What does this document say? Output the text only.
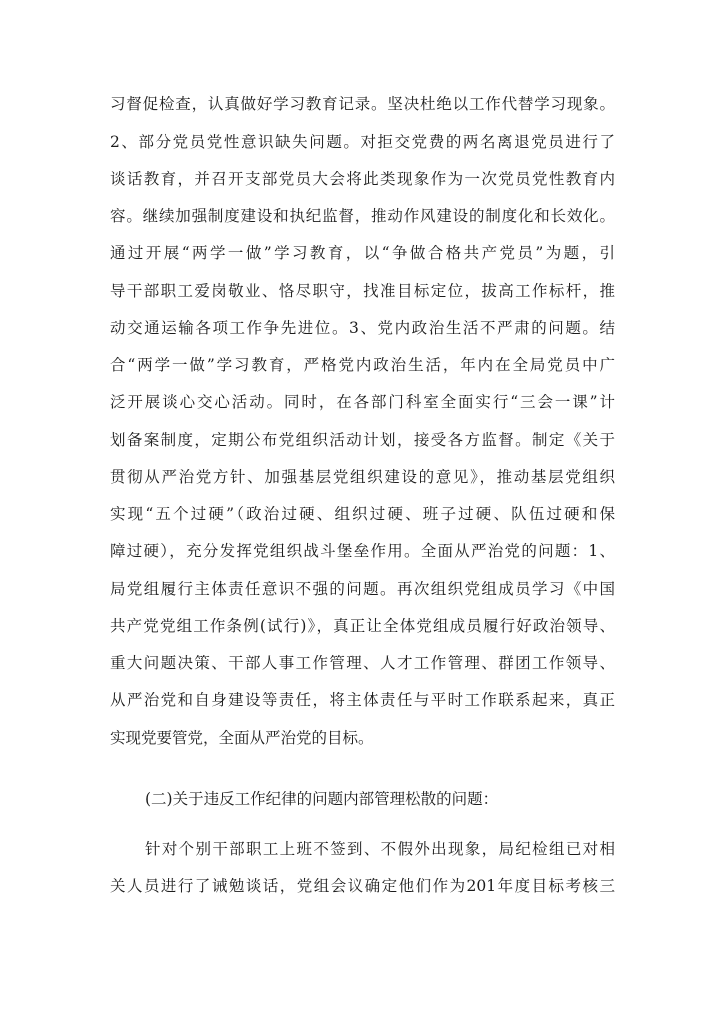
习督促检查，认真做好学习教育记录。坚决杜绝以工作代替学习现象。
2、部分党员党性意识缺失问题。对拒交党费的两名离退党员进行了
谈话教育，并召开支部党员大会将此类现象作为一次党员党性教育内
容。继续加强制度建设和执纪监督，推动作风建设的制度化和长效化。
通过开展“两学一做”学习教育，以“争做合格共产党员”为题，引
导干部职工爱岗敬业、恪尽职守，找准目标定位，拔高工作标杆，推
动交通运输各项工作争先进位。3、党内政治生活不严肃的问题。结
合“两学一做”学习教育，严格党内政治生活，年内在全局党员中广
泛开展谈心交心活动。同时，在各部门科室全面实行“三会一课”计
划备案制度，定期公布党组织活动计划，接受各方监督。制定《关于
贯彻从严治党方针、加强基层党组织建设的意见》，推动基层党组织
实现“五个过硬”（政治过硬、组织过硬、班子过硬、队伍过硬和保
障过硬），充分发挥党组织战斗堡垒作用。全面从严治党的问题：1、
局党组履行主体责任意识不强的问题。再次组织党组成员学习《中国
共产党党组工作条例(试行)》，真正让全体党组成员履行好政治领导、
重大问题决策、干部人事工作管理、人才工作管理、群团工作领导、
从严治党和自身建设等责任，将主体责任与平时工作联系起来，真正
实现党要管党，全面从严治党的目标。
(二)关于违反工作纪律的问题内部管理松散的问题：
针对个别干部职工上班不签到、不假外出现象，局纪检组已对相
关人员进行了诫勉谈话，党组会议确定他们作为201年度目标考核三
